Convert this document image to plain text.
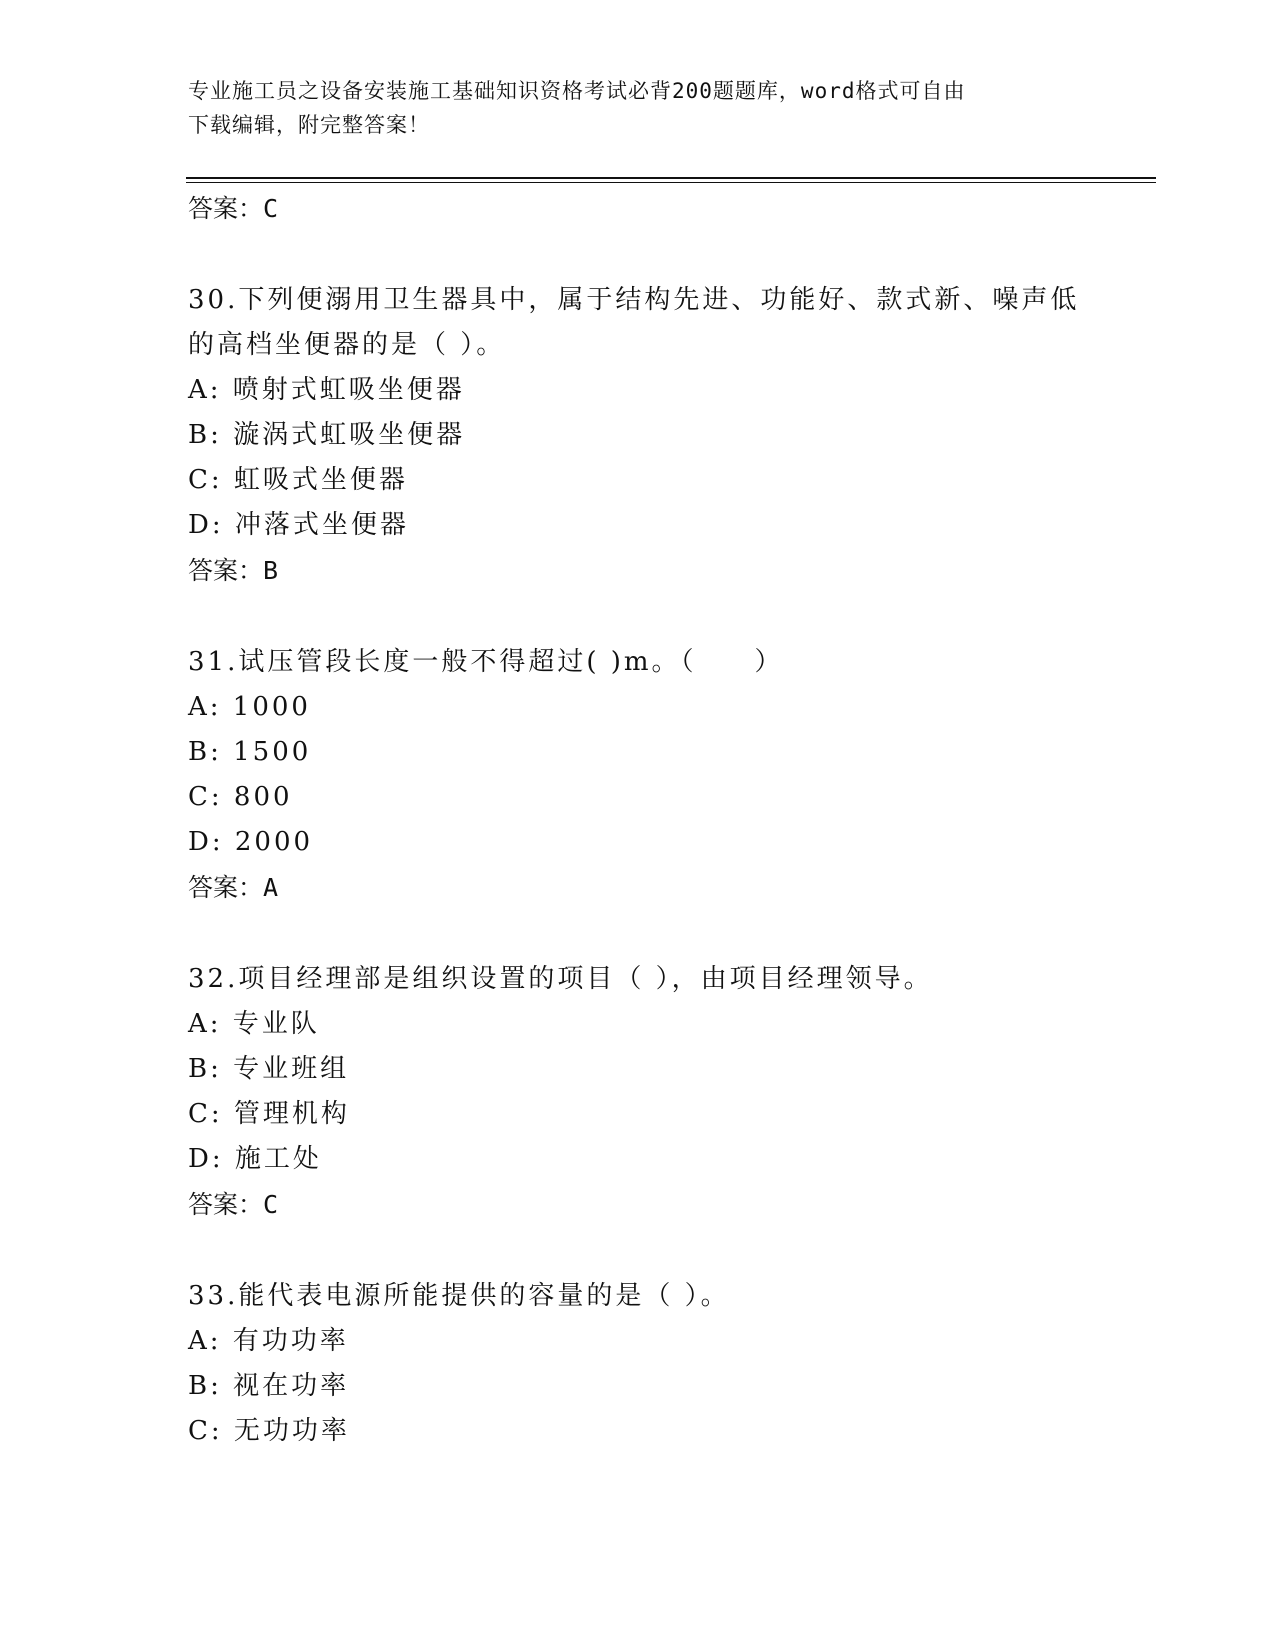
专业施工员之设备安装施工基础知识资格考试必背200题题库，word格式可自由
下载编辑，附完整答案！

答案：C

30.下列便溺用卫生器具中，属于结构先进、功能好、款式新、噪声低

的高档坐便器的是（ ）。

A: 喷射式虹吸坐便器

B: 漩涡式虹吸坐便器

C: 虹吸式坐便器

D: 冲落式坐便器

答案：B

31.试压管段长度一般不得超过( )m。（　　）

A: 1000

B: 1500

C: 800

D: 2000

答案：A

32.项目经理部是组织设置的项目（ ），由项目经理领导。

A: 专业队

B: 专业班组

C: 管理机构

D: 施工处

答案：C

33.能代表电源所能提供的容量的是（ ）。

A: 有功功率

B: 视在功率

C: 无功功率
